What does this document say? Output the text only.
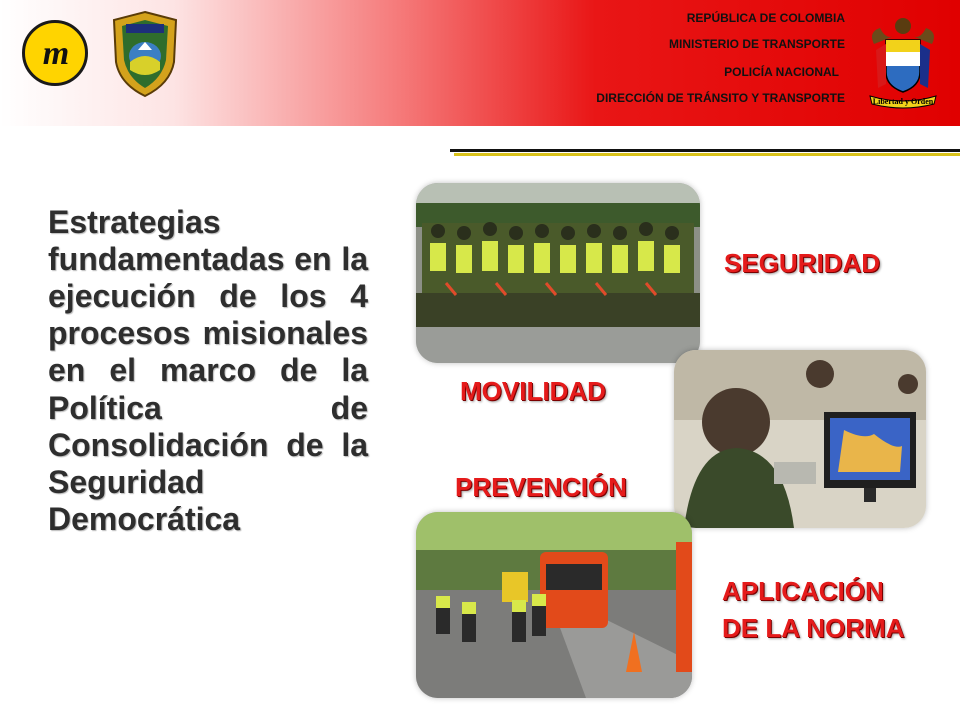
m
REPÚBLICA DE COLOMBIA
MINISTERIO DE TRANSPORTE
POLICÍA NACIONAL
DIRECCIÓN DE TRÁNSITO Y TRANSPORTE	Libertad y Orden
Estrategias fundamentadas en la ejecución de los 4 procesos misionales en el marco de la Política de Consolidación de la Seguridad Democrática
SEGURIDAD
MOVILIDAD
PREVENCIÓN
APLICACIÓN
DE LA NORMA
